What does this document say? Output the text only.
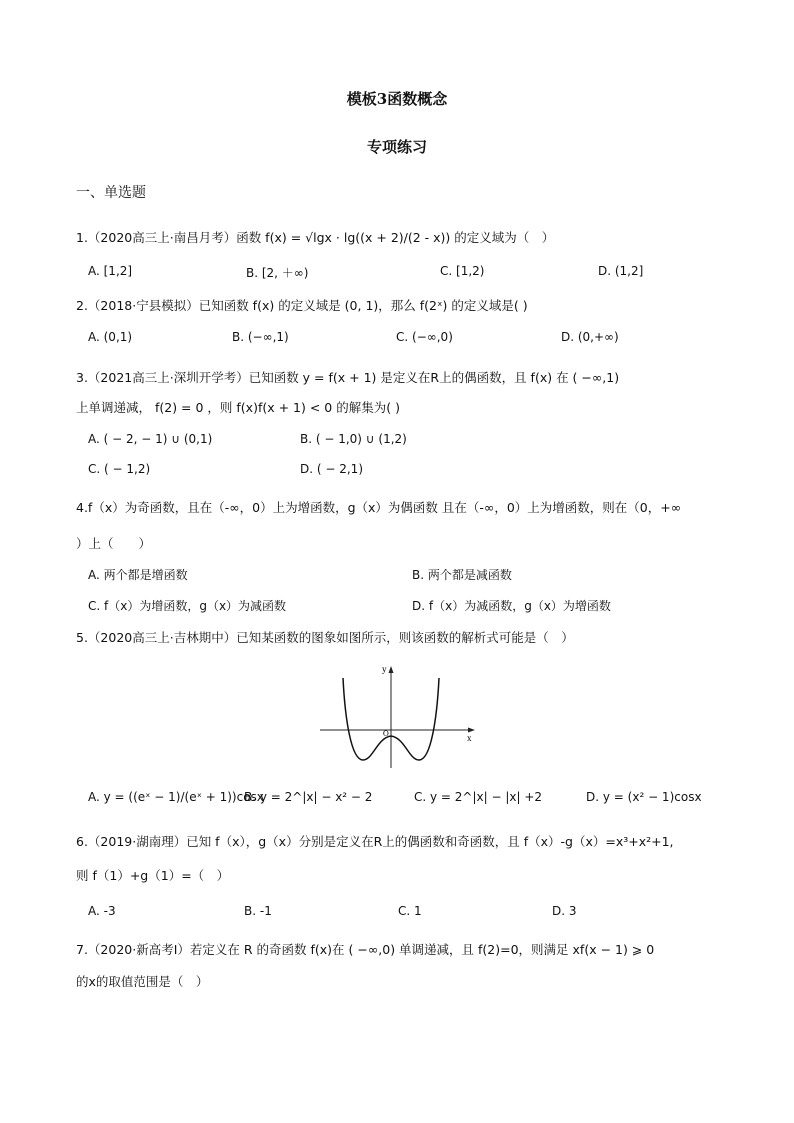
模板3函数概念
专项练习
一、单选题
1.（2020高三上·南昌月考）函数 f(x) = √lgx · lg((x + 2)/(2 - x)) 的定义域为（　）
A. [1,2]	B. [2, ＋∞)	C. [1,2)	D. (1,2]
2.（2018·宁县模拟）已知函数 f(x) 的定义域是 (0, 1)，那么 f(2ˣ) 的定义域是( )
A. (0,1)	B. (−∞,1)	C. (−∞,0)	D. (0,+∞)
3.（2021高三上·深圳开学考）已知函数 y = f(x + 1) 是定义在R上的偶函数，且 f(x) 在 ( −∞,1)
上单调递减， f(2) = 0 ，则 f(x)f(x + 1) < 0 的解集为( )
A. ( − 2, − 1) ∪ (0,1)	B. ( − 1,0) ∪ (1,2)
C. ( − 1,2)	D. ( − 2,1)
4.f（x）为奇函数，且在（-∞，0）上为增函数，g（x）为偶函数 且在（-∞，0）上为增函数，则在（0，+∞
）上（　　）
A. 两个都是增函数	B. 两个都是减函数
C. f（x）为增函数，g（x）为减函数	D. f（x）为减函数，g（x）为增函数
5.（2020高三上·吉林期中）已知某函数的图象如图所示，则该函数的解析式可能是（　）
x
y
O
A. y = ((eˣ − 1)/(eˣ + 1))cosx
B. y = 2^|x| − x² − 2	C. y = 2^|x| − |x| +2	D. y = (x² − 1)cosx
6.（2019·湖南理）已知 f（x），g（x）分别是定义在R上的偶函数和奇函数，且 f（x）-g（x）=x³+x²+1,
则 f（1）+g（1）=（　）
A. -3	B. -1	C. 1	D. 3
7.（2020·新高考Ⅰ）若定义在 R 的奇函数 f(x)在 ( −∞,0) 单调递减，且 f(2)=0，则满足 xf(x − 1) ⩾ 0
的x的取值范围是（　）
